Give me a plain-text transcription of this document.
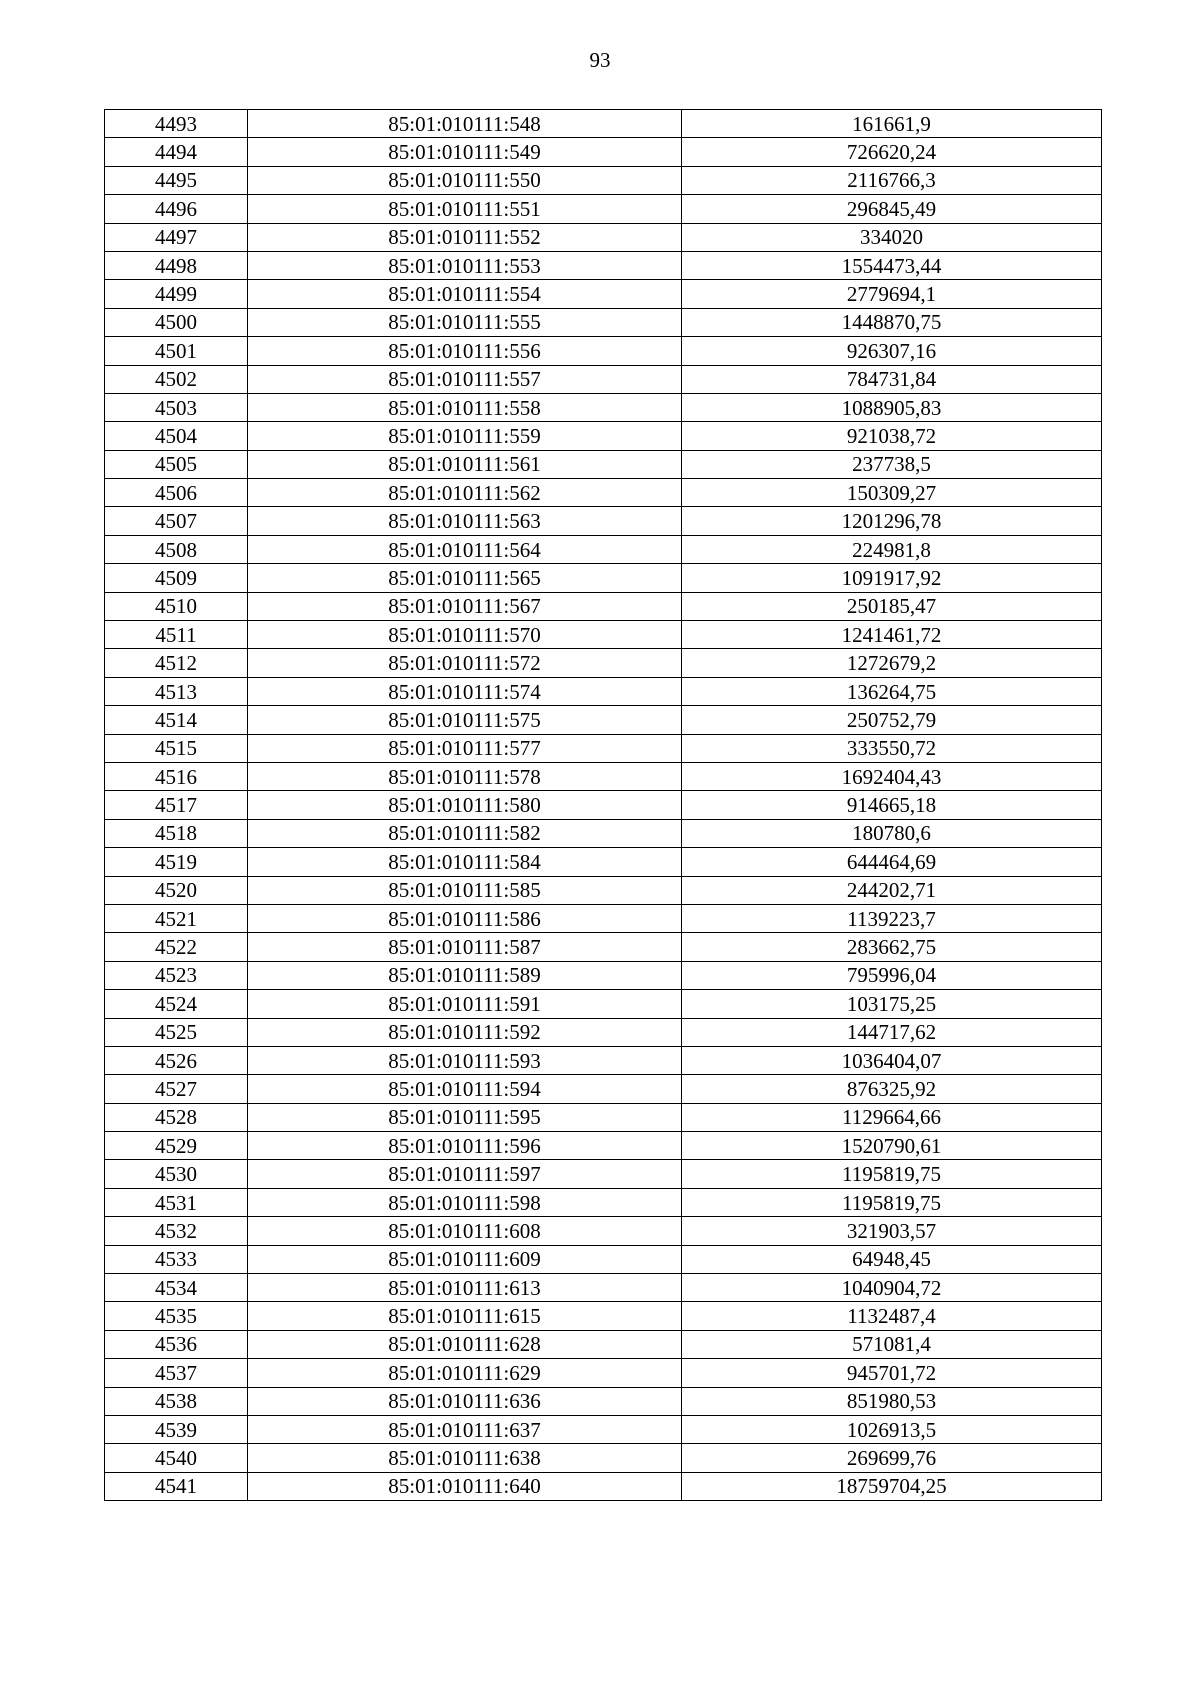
93
4493	85:01:010111:548	161661,9
4494	85:01:010111:549	726620,24
4495	85:01:010111:550	2116766,3
4496	85:01:010111:551	296845,49
4497	85:01:010111:552	334020
4498	85:01:010111:553	1554473,44
4499	85:01:010111:554	2779694,1
4500	85:01:010111:555	1448870,75
4501	85:01:010111:556	926307,16
4502	85:01:010111:557	784731,84
4503	85:01:010111:558	1088905,83
4504	85:01:010111:559	921038,72
4505	85:01:010111:561	237738,5
4506	85:01:010111:562	150309,27
4507	85:01:010111:563	1201296,78
4508	85:01:010111:564	224981,8
4509	85:01:010111:565	1091917,92
4510	85:01:010111:567	250185,47
4511	85:01:010111:570	1241461,72
4512	85:01:010111:572	1272679,2
4513	85:01:010111:574	136264,75
4514	85:01:010111:575	250752,79
4515	85:01:010111:577	333550,72
4516	85:01:010111:578	1692404,43
4517	85:01:010111:580	914665,18
4518	85:01:010111:582	180780,6
4519	85:01:010111:584	644464,69
4520	85:01:010111:585	244202,71
4521	85:01:010111:586	1139223,7
4522	85:01:010111:587	283662,75
4523	85:01:010111:589	795996,04
4524	85:01:010111:591	103175,25
4525	85:01:010111:592	144717,62
4526	85:01:010111:593	1036404,07
4527	85:01:010111:594	876325,92
4528	85:01:010111:595	1129664,66
4529	85:01:010111:596	1520790,61
4530	85:01:010111:597	1195819,75
4531	85:01:010111:598	1195819,75
4532	85:01:010111:608	321903,57
4533	85:01:010111:609	64948,45
4534	85:01:010111:613	1040904,72
4535	85:01:010111:615	1132487,4
4536	85:01:010111:628	571081,4
4537	85:01:010111:629	945701,72
4538	85:01:010111:636	851980,53
4539	85:01:010111:637	1026913,5
4540	85:01:010111:638	269699,76
4541	85:01:010111:640	18759704,25
